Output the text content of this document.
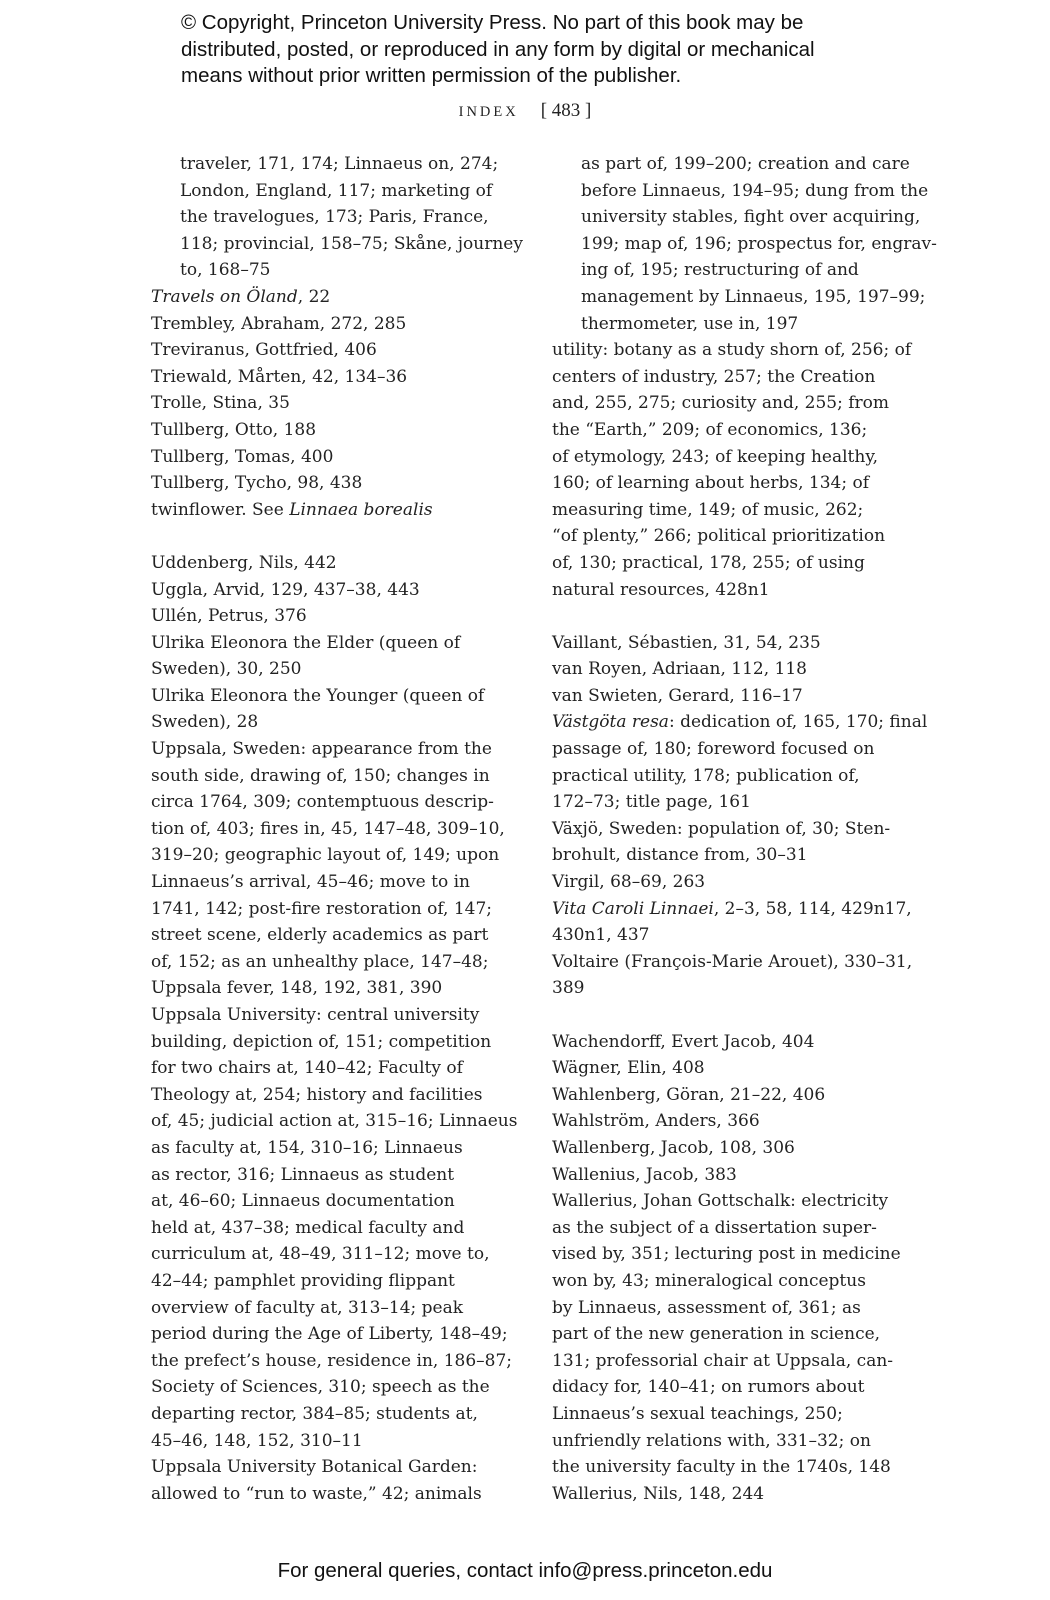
© Copyright, Princeton University Press. No part of this book may be
distributed, posted, or reproduced in any form by digital or mechanical
means without prior written permission of the publisher.
INDEX [ 483 ]
traveler, 171, 174; Linnaeus on, 274;
London, England, 117; marketing of
the travelogues, 173; Paris, France,
118; provincial, 158–75; Skåne, journey
to, 168–75
Travels on Öland, 22
Trembley, Abraham, 272, 285
Treviranus, Gottfried, 406
Triewald, Mårten, 42, 134–36
Trolle, Stina, 35
Tullberg, Otto, 188
Tullberg, Tomas, 400
Tullberg, Tycho, 98, 438
twinflower. See Linnaea borealis
Uddenberg, Nils, 442
Uggla, Arvid, 129, 437–38, 443
Ullén, Petrus, 376
Ulrika Eleonora the Elder (queen of
Sweden), 30, 250
Ulrika Eleonora the Younger (queen of
Sweden), 28
Uppsala, Sweden: appearance from the
south side, drawing of, 150; changes in
circa 1764, 309; contemptuous descrip-
tion of, 403; fires in, 45, 147–48, 309–10,
319–20; geographic layout of, 149; upon
Linnaeus’s arrival, 45–46; move to in
1741, 142; post-fire restoration of, 147;
street scene, elderly academics as part
of, 152; as an unhealthy place, 147–48;
Uppsala fever, 148, 192, 381, 390
Uppsala University: central university
building, depiction of, 151; competition
for two chairs at, 140–42; Faculty of
Theology at, 254; history and facilities
of, 45; judicial action at, 315–16; Linnaeus
as faculty at, 154, 310–16; Linnaeus
as rector, 316; Linnaeus as student
at, 46–60; Linnaeus documentation
held at, 437–38; medical faculty and
curriculum at, 48–49, 311–12; move to,
42–44; pamphlet providing flippant
overview of faculty at, 313–14; peak
period during the Age of Liberty, 148–49;
the prefect’s house, residence in, 186–87;
Society of Sciences, 310; speech as the
departing rector, 384–85; students at,
45–46, 148, 152, 310–11
Uppsala University Botanical Garden:
allowed to “run to waste,” 42; animals
as part of, 199–200; creation and care
before Linnaeus, 194–95; dung from the
university stables, fight over acquiring,
199; map of, 196; prospectus for, engrav-
ing of, 195; restructuring of and
management by Linnaeus, 195, 197–99;
thermometer, use in, 197
utility: botany as a study shorn of, 256; of
centers of industry, 257; the Creation
and, 255, 275; curiosity and, 255; from
the “Earth,” 209; of economics, 136;
of etymology, 243; of keeping healthy,
160; of learning about herbs, 134; of
measuring time, 149; of music, 262;
“of plenty,” 266; political prioritization
of, 130; practical, 178, 255; of using
natural resources, 428n1
Vaillant, Sébastien, 31, 54, 235
van Royen, Adriaan, 112, 118
van Swieten, Gerard, 116–17
Västgöta resa: dedication of, 165, 170; final
passage of, 180; foreword focused on
practical utility, 178; publication of,
172–73; title page, 161
Växjö, Sweden: population of, 30; Sten-
brohult, distance from, 30–31
Virgil, 68–69, 263
Vita Caroli Linnaei, 2–3, 58, 114, 429n17,
430n1, 437
Voltaire (François-Marie Arouet), 330–31,
389
Wachendorff, Evert Jacob, 404
Wägner, Elin, 408
Wahlenberg, Göran, 21–22, 406
Wahlström, Anders, 366
Wallenberg, Jacob, 108, 306
Wallenius, Jacob, 383
Wallerius, Johan Gottschalk: electricity
as the subject of a dissertation super-
vised by, 351; lecturing post in medicine
won by, 43; mineralogical conceptus
by Linnaeus, assessment of, 361; as
part of the new generation in science,
131; professorial chair at Uppsala, can-
didacy for, 140–41; on rumors about
Linnaeus’s sexual teachings, 250;
unfriendly relations with, 331–32; on
the university faculty in the 1740s, 148
Wallerius, Nils, 148, 244
For general queries, contact info@press.princeton.edu
